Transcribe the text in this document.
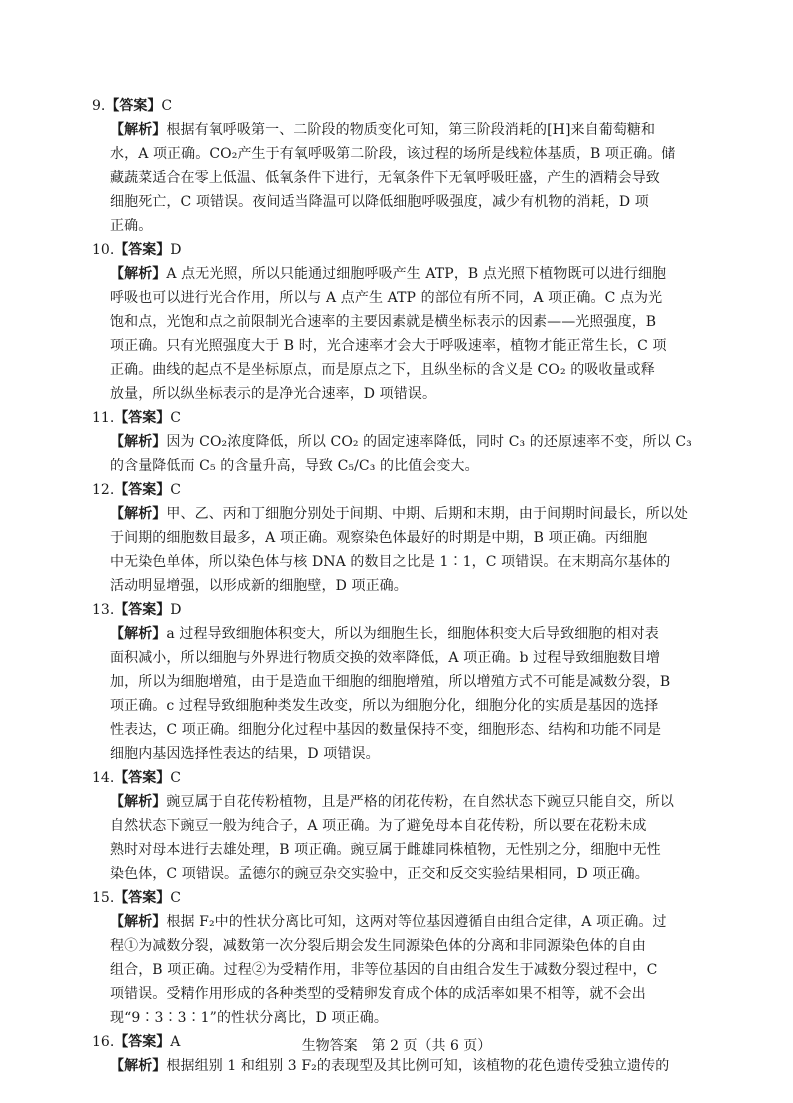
9.【答案】C
【解析】根据有氧呼吸第一、二阶段的物质变化可知，第三阶段消耗的[H]来自葡萄糖和
水，A 项正确。CO₂产生于有氧呼吸第二阶段，该过程的场所是线粒体基质，B 项正确。储
藏蔬菜适合在零上低温、低氧条件下进行，无氧条件下无氧呼吸旺盛，产生的酒精会导致
细胞死亡，C 项错误。夜间适当降温可以降低细胞呼吸强度，减少有机物的消耗，D 项
正确。
10.【答案】D
【解析】A 点无光照，所以只能通过细胞呼吸产生 ATP，B 点光照下植物既可以进行细胞
呼吸也可以进行光合作用，所以与 A 点产生 ATP 的部位有所不同，A 项正确。C 点为光
饱和点，光饱和点之前限制光合速率的主要因素就是横坐标表示的因素——光照强度，B
项正确。只有光照强度大于 B 时，光合速率才会大于呼吸速率，植物才能正常生长，C 项
正确。曲线的起点不是坐标原点，而是原点之下，且纵坐标的含义是 CO₂ 的吸收量或释
放量，所以纵坐标表示的是净光合速率，D 项错误。
11.【答案】C
【解析】因为 CO₂浓度降低，所以 CO₂ 的固定速率降低，同时 C₃ 的还原速率不变，所以 C₃
的含量降低而 C₅ 的含量升高，导致 C₅/C₃ 的比值会变大。
12.【答案】C
【解析】甲、乙、丙和丁细胞分别处于间期、中期、后期和末期，由于间期时间最长，所以处
于间期的细胞数目最多，A 项正确。观察染色体最好的时期是中期，B 项正确。丙细胞
中无染色单体，所以染色体与核 DNA 的数目之比是 1∶1，C 项错误。在末期高尔基体的
活动明显增强，以形成新的细胞壁，D 项正确。
13.【答案】D
【解析】a 过程导致细胞体积变大，所以为细胞生长，细胞体积变大后导致细胞的相对表
面积减小，所以细胞与外界进行物质交换的效率降低，A 项正确。b 过程导致细胞数目增
加，所以为细胞增殖，由于是造血干细胞的细胞增殖，所以增殖方式不可能是减数分裂，B
项正确。c 过程导致细胞种类发生改变，所以为细胞分化，细胞分化的实质是基因的选择
性表达，C 项正确。细胞分化过程中基因的数量保持不变，细胞形态、结构和功能不同是
细胞内基因选择性表达的结果，D 项错误。
14.【答案】C
【解析】豌豆属于自花传粉植物，且是严格的闭花传粉，在自然状态下豌豆只能自交，所以
自然状态下豌豆一般为纯合子，A 项正确。为了避免母本自花传粉，所以要在花粉未成
熟时对母本进行去雄处理，B 项正确。豌豆属于雌雄同株植物，无性别之分，细胞中无性
染色体，C 项错误。孟德尔的豌豆杂交实验中，正交和反交实验结果相同，D 项正确。
15.【答案】C
【解析】根据 F₂中的性状分离比可知，这两对等位基因遵循自由组合定律，A 项正确。过
程①为减数分裂，减数第一次分裂后期会发生同源染色体的分离和非同源染色体的自由
组合，B 项正确。过程②为受精作用，非等位基因的自由组合发生于减数分裂过程中，C
项错误。受精作用形成的各种类型的受精卵发育成个体的成活率如果不相等，就不会出
现“9∶3∶3∶1”的性状分离比，D 项正确。
16.【答案】A
【解析】根据组别 1 和组别 3 F₂的表现型及其比例可知，该植物的花色遗传受独立遗传的
生物答案　第 2 页（共 6 页）
